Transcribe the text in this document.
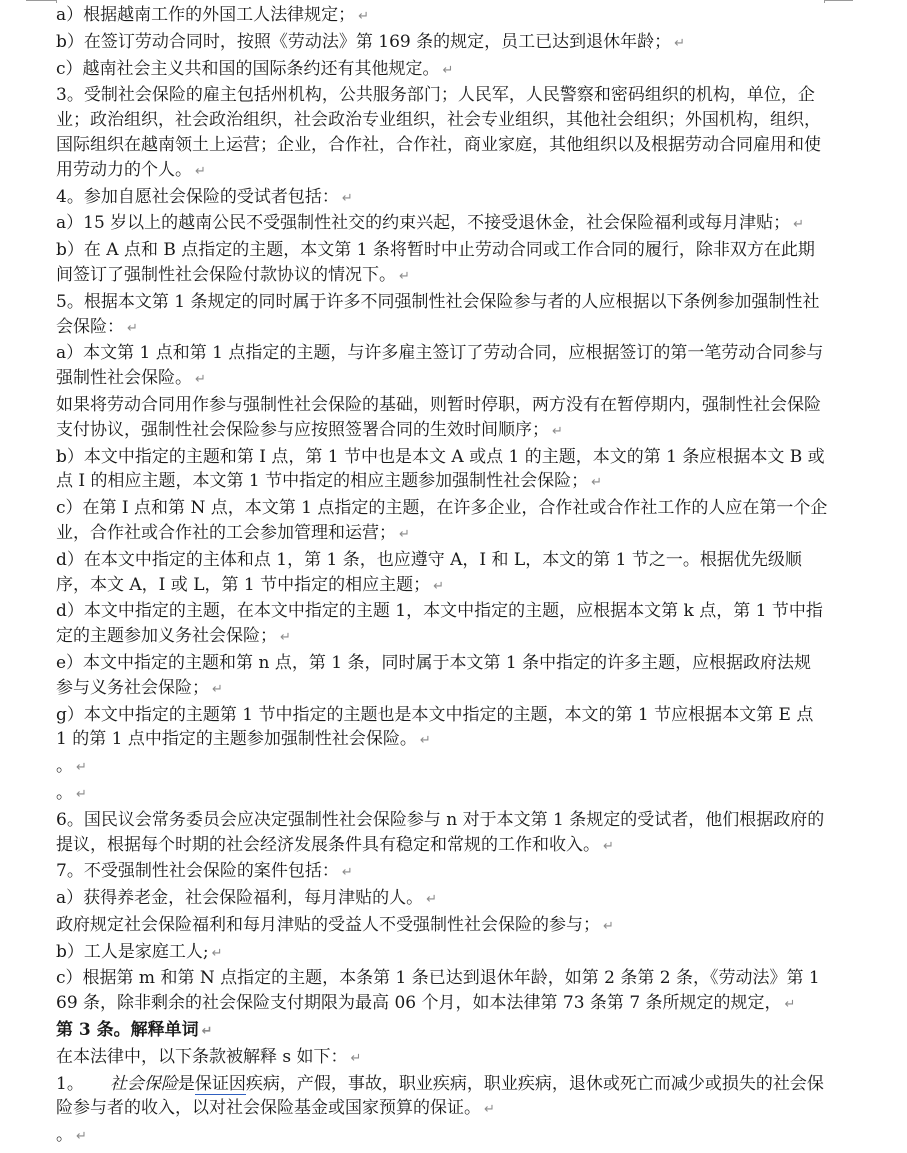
a）根据越南工作的外国工人法律规定； ↵

b）在签订劳动合同时，按照《劳动法》第 169 条的规定，员工已达到退休年龄； ↵

c）越南社会主义共和国的国际条约还有其他规定。 ↵

3。受制社会保险的雇主包括州机构，公共服务部门；人民军，人民警察和密码组织的机构，单位，企业；政治组织，社会政治组织，社会政治专业组织，社会专业组织，其他社会组织；外国机构，组织，国际组织在越南领土上运营；企业，合作社，合作社，商业家庭，其他组织以及根据劳动合同雇用和使用劳动力的个人。 ↵

4。参加自愿社会保险的受试者包括： ↵

a）15 岁以上的越南公民不受强制性社交的约束兴起，不接受退休金，社会保险福利或每月津贴； ↵

b）在 A 点和 B 点指定的主题，本文第 1 条将暂时中止劳动合同或工作合同的履行，除非双方在此期间签订了强制性社会保险付款协议的情况下。 ↵

5。根据本文第 1 条规定的同时属于许多不同强制性社会保险参与者的人应根据以下条例参加强制性社会保险： ↵

a）本文第 1 点和第 1 点指定的主题，与许多雇主签订了劳动合同，应根据签订的第一笔劳动合同参与强制性社会保险。 ↵

如果将劳动合同用作参与强制性社会保险的基础，则暂时停职，两方没有在暂停期内，强制性社会保险支付协议，强制性社会保险参与应按照签署合同的生效时间顺序； ↵

b）本文中指定的主题和第 I 点，第 1 节中也是本文 A 或点 1 的主题，本文的第 1 条应根据本文 B 或点 I 的相应主题，本文第 1 节中指定的相应主题参加强制性社会保险； ↵

c）在第 I 点和第 N 点，本文第 1 点指定的主题，在许多企业，合作社或合作社工作的人应在第一个企业，合作社或合作社的工会参加管理和运营； ↵

d）在本文中指定的主体和点 1，第 1 条，也应遵守 A，I 和 L，本文的第 1 节之一。根据优先级顺序，本文 A，I 或 L，第 1 节中指定的相应主题； ↵

d）本文中指定的主题，在本文中指定的主题 1，本文中指定的主题，应根据本文第 k 点，第 1 节中指定的主题参加义务社会保险； ↵

e）本文中指定的主题和第 n 点，第 1 条，同时属于本文第 1 条中指定的许多主题，应根据政府法规参与义务社会保险； ↵

g）本文中指定的主题第 1 节中指定的主题也是本文中指定的主题，本文的第 1 节应根据本文第 E 点 1 的第 1 点中指定的主题参加强制性社会保险。 ↵

。 ↵

。 ↵

6。国民议会常务委员会应决定强制性社会保险参与 n 对于本文第 1 条规定的受试者，他们根据政府的提议，根据每个时期的社会经济发展条件具有稳定和常规的工作和收入。 ↵

7。不受强制性社会保险的案件包括： ↵

a）获得养老金，社会保险福利，每月津贴的人。 ↵

政府规定社会保险福利和每月津贴的受益人不受强制性社会保险的参与； ↵

b）工人是家庭工人; ↵

c）根据第 m 和第 N 点指定的主题，本条第 1 条已达到退休年龄，如第 2 条第 2 条，《劳动法》第 169 条，除非剩余的社会保险支付期限为最高 06 个月，如本法律第 73 条第 7 条所规定的规定， ↵

第 3 条。解释单词 ↵

在本法律中，以下条款被解释 s 如下： ↵

1。 社会保险是保证因疾病，产假，事故，职业疾病，职业疾病，退休或死亡而减少或损失的社会保险参与者的收入，以对社会保险基金或国家预算的保证。 ↵

。 ↵
